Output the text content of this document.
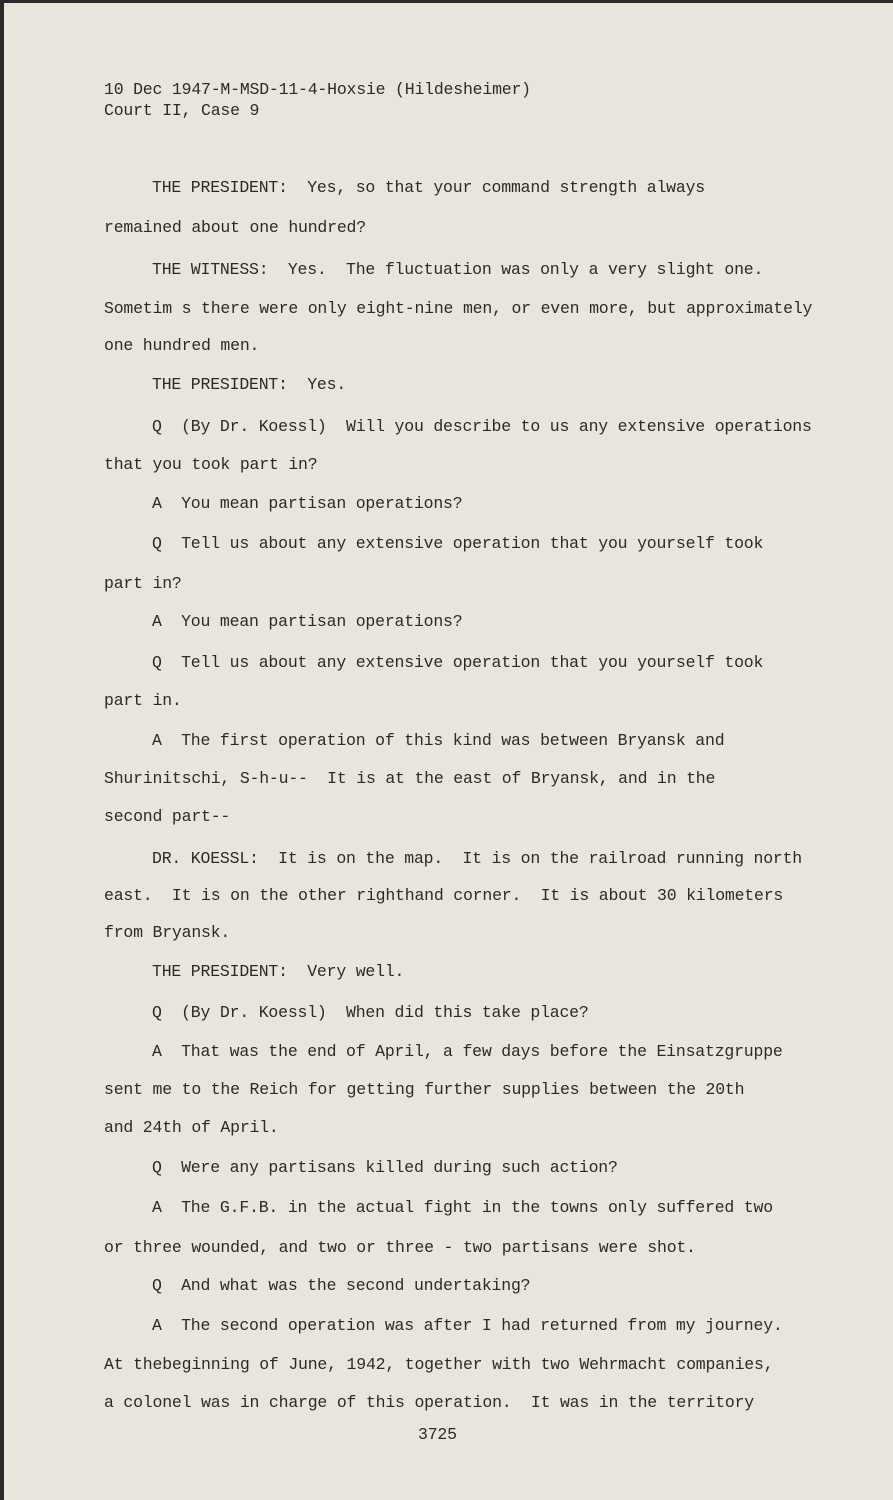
10 Dec 1947-M-MSD-11-4-Hoxsie (Hildesheimer)
Court II, Case 9
THE PRESIDENT:  Yes, so that your command strength always
remained about one hundred?
THE WITNESS:  Yes.  The fluctuation was only a very slight one.
Sometim s there were only eight-nine men, or even more, but approximately
one hundred men.
THE PRESIDENT:  Yes.
Q  (By Dr. Koessl)  Will you describe to us any extensive operations
that you took part in?
A  You mean partisan operations?
Q  Tell us about any extensive operation that you yourself took
part in?
A  You mean partisan operations?
Q  Tell us about any extensive operation that you yourself took
part in.
A  The first operation of this kind was between Bryansk and
Shurinitschi, S-h-u--  It is at the east of Bryansk, and in the
second part--
DR. KOESSL:  It is on the map.  It is on the railroad running north
east.  It is on the other righthand corner.  It is about 30 kilometers
from Bryansk.
THE PRESIDENT:  Very well.
Q  (By Dr. Koessl)  When did this take place?
A  That was the end of April, a few days before the Einsatzgruppe
sent me to the Reich for getting further supplies between the 20th
and 24th of April.
Q  Were any partisans killed during such action?
A  The G.F.B. in the actual fight in the towns only suffered two
or three wounded, and two or three - two partisans were shot.
Q  And what was the second undertaking?
A  The second operation was after I had returned from my journey.
At thebeginning of June, 1942, together with two Wehrmacht companies,
a colonel was in charge of this operation.  It was in the territory
3725
